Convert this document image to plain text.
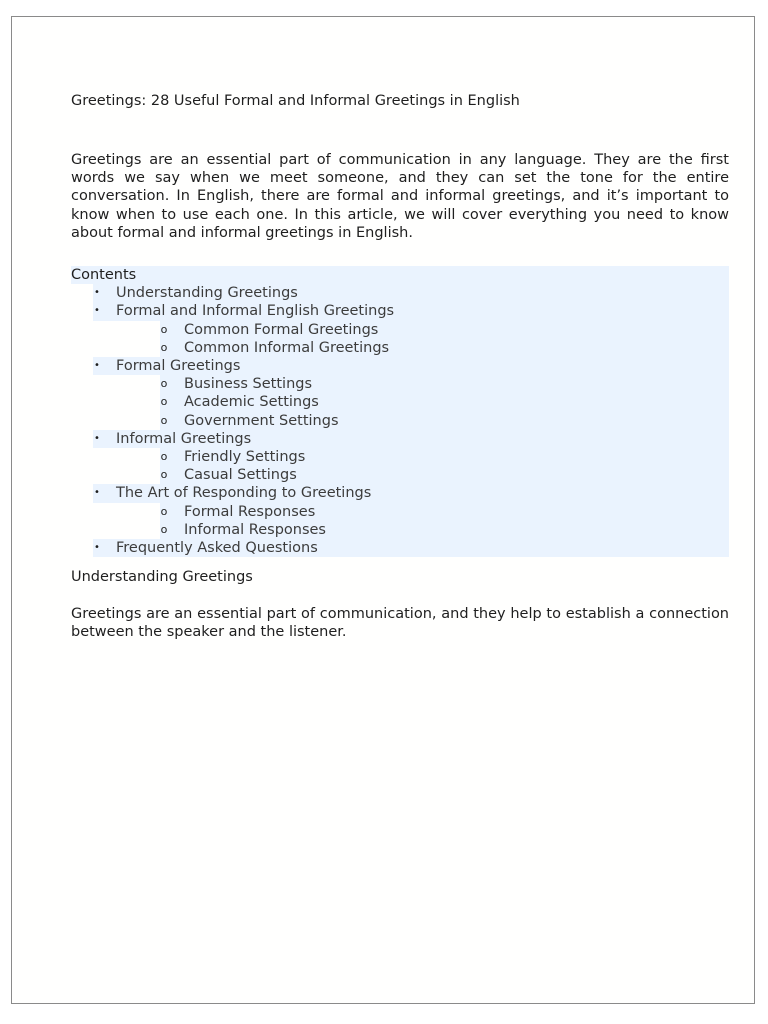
Greetings: 28 Useful Formal and Informal Greetings in English

Greetings are an essential part of communication in any language. They are the first words we say when we meet someone, and they can set the tone for the entire conversation. In English, there are formal and informal greetings, and it’s important to know when to use each one. In this article, we will cover everything you need to know about formal and informal greetings in English.

Contents
• Understanding Greetings
• Formal and Informal English Greetings
o Common Formal Greetings
o Common Informal Greetings
• Formal Greetings
o Business Settings
o Academic Settings
o Government Settings
• Informal Greetings
o Friendly Settings
o Casual Settings
• The Art of Responding to Greetings
o Formal Responses
o Informal Responses
• Frequently Asked Questions
Understanding Greetings

Greetings are an essential part of communication, and they help to establish a connection between the speaker and the listener.
